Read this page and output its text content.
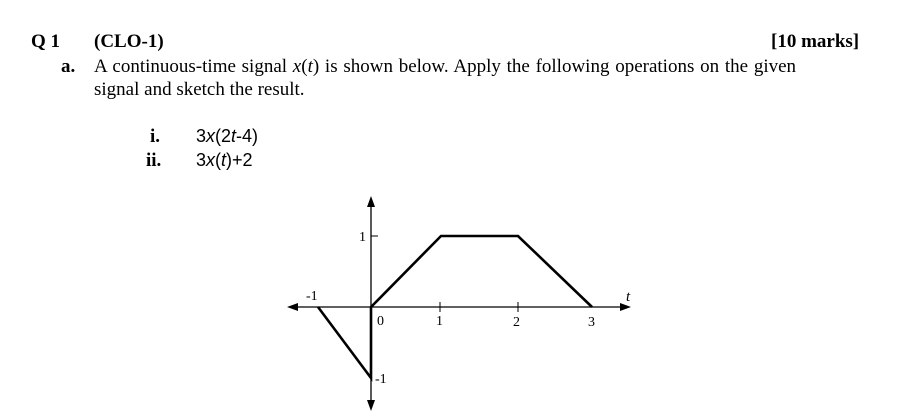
Q 1 (CLO-1)	[10 marks]
a. A continuous-time signal x(t) is shown below. Apply the following operations on the given
signal and sketch the result.
i. 3x(2t-4)
ii. 3x(t)+2
1
-1
-1
0	1	2	3
t
